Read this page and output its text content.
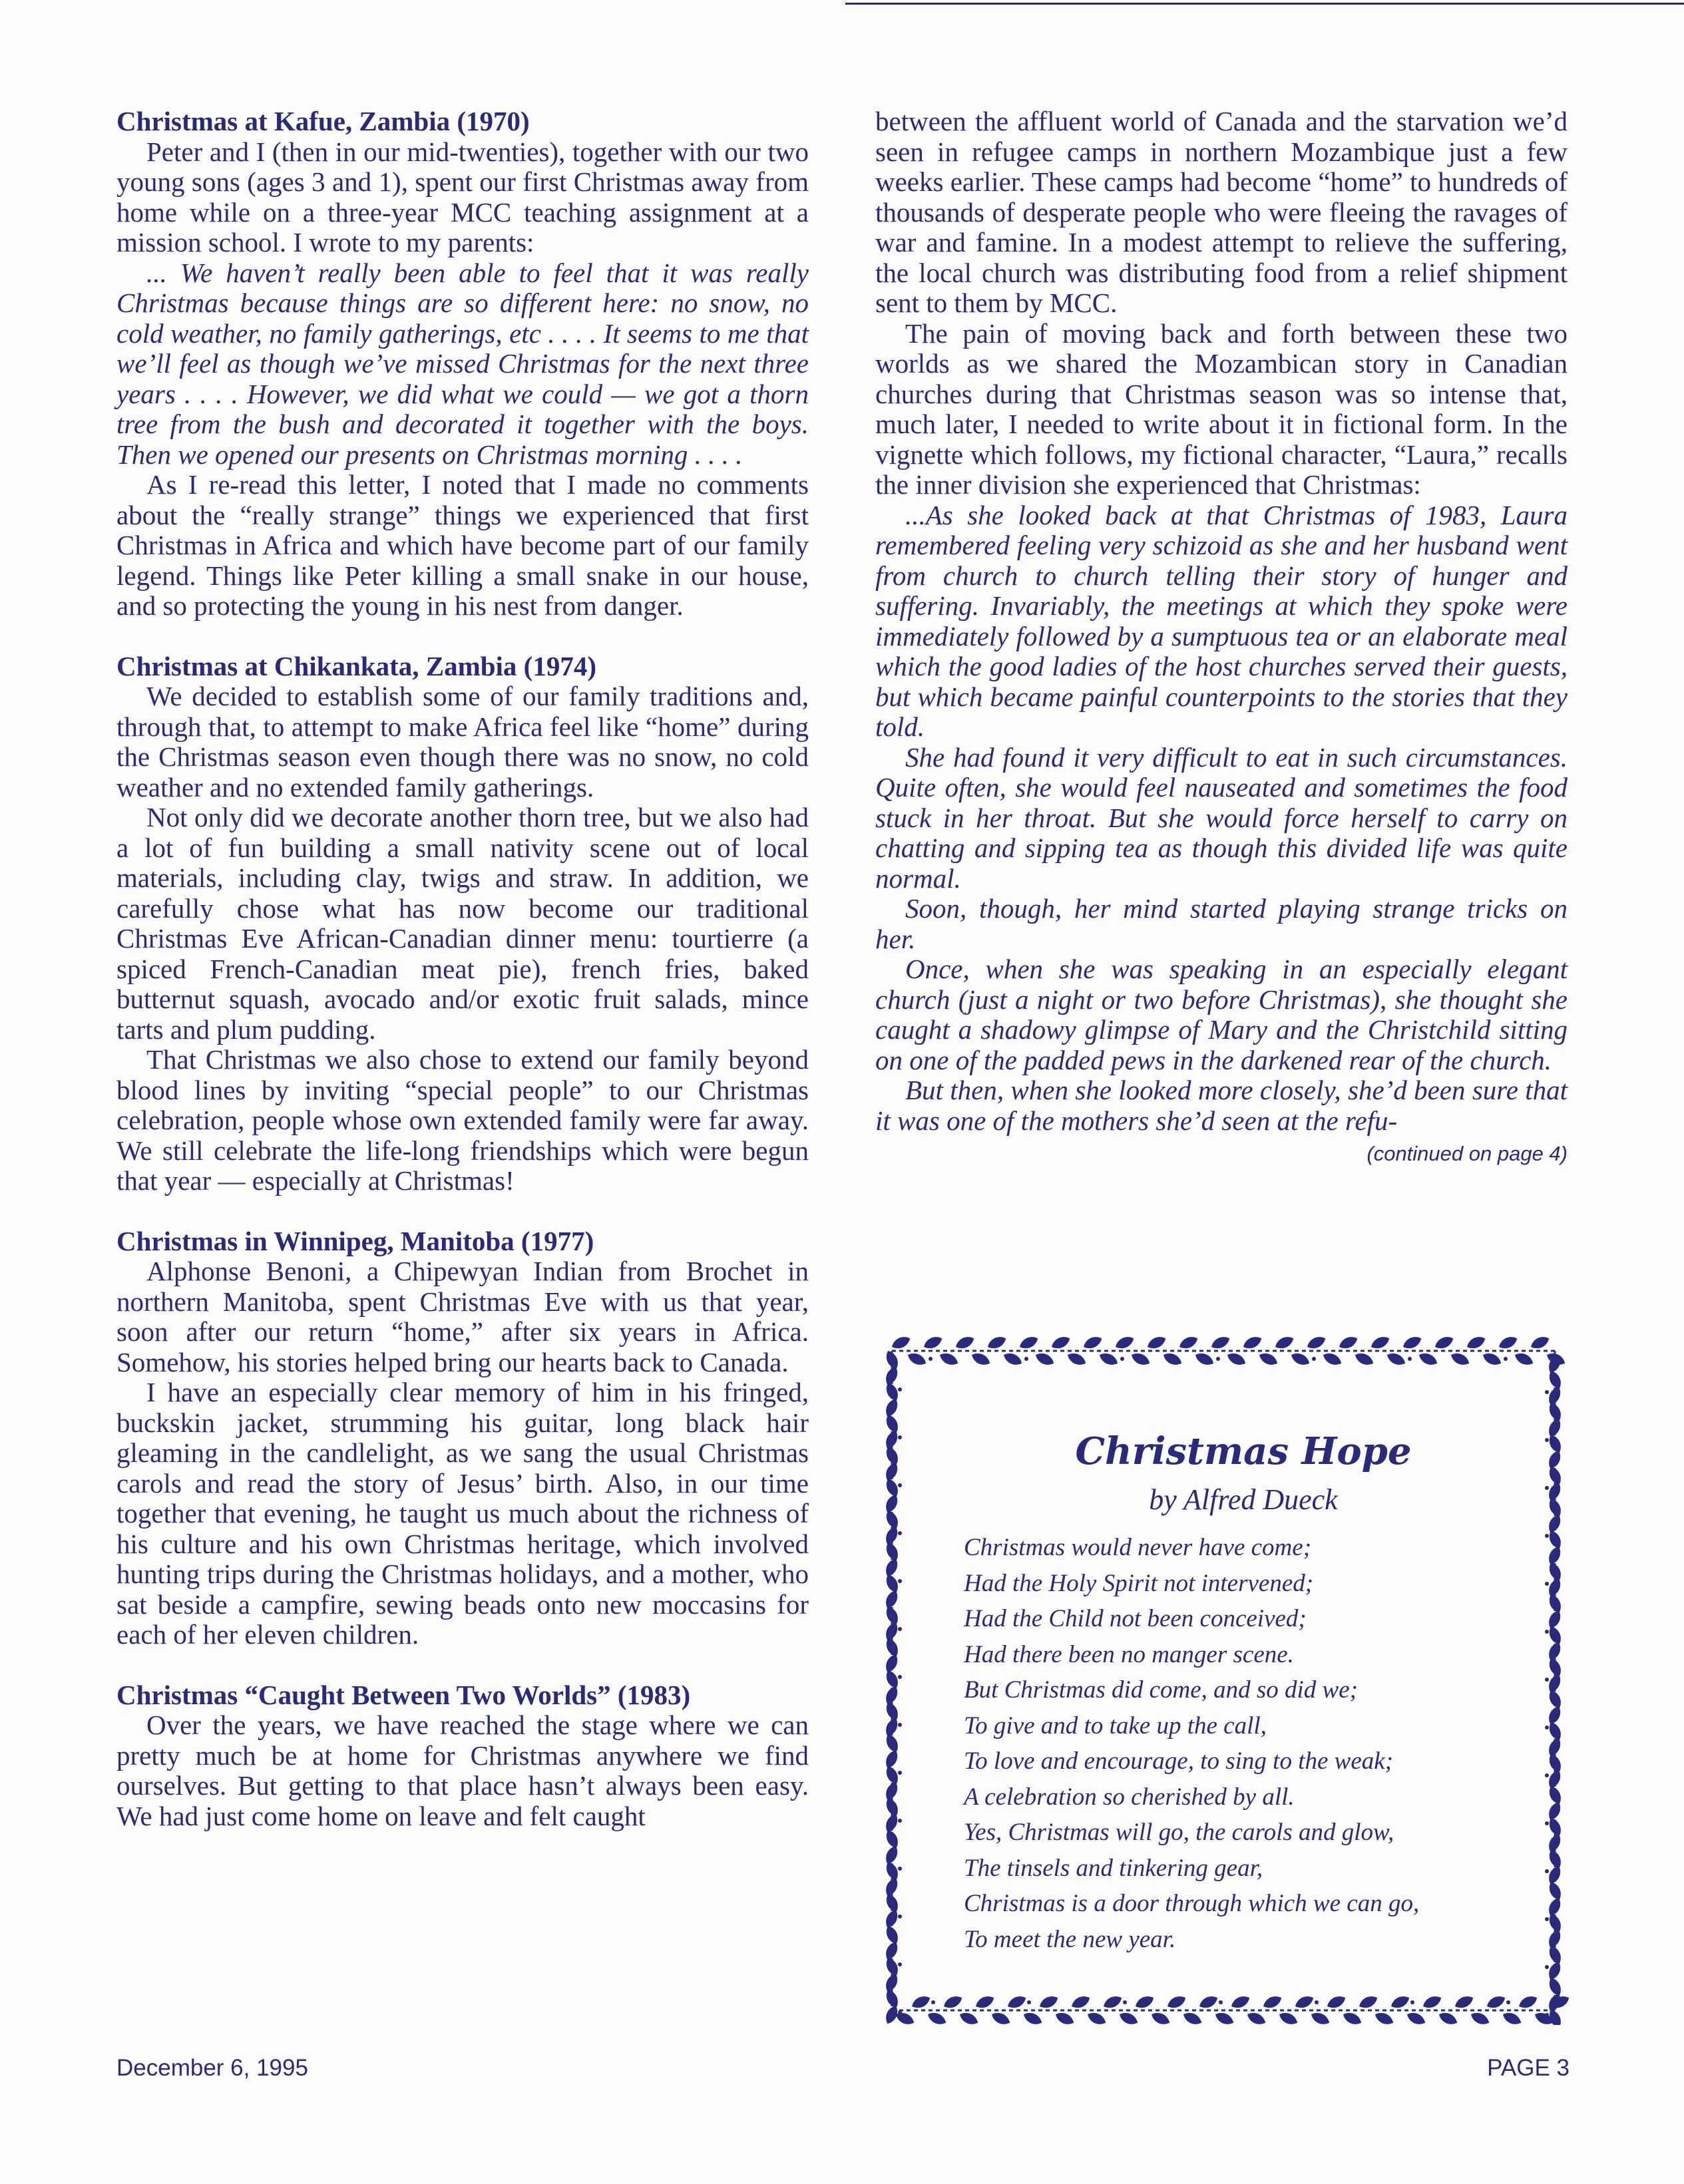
Christmas at Kafue, Zambia (1970)

Peter and I (then in our mid-twenties), together with our two young sons (ages 3 and 1), spent our first Christmas away from home while on a three-year MCC teaching assignment at a mission school. I wrote to my parents:

... We haven’t really been able to feel that it was really Christmas because things are so different here: no snow, no cold weather, no family gatherings, etc . . . . It seems to me that we’ll feel as though we’ve missed Christmas for the next three years . . . . However, we did what we could — we got a thorn tree from the bush and decorated it together with the boys. Then we opened our presents on Christmas morning . . . .

As I re-read this letter, I noted that I made no comments about the “really strange” things we experienced that first Christmas in Africa and which have become part of our family legend. Things like Peter killing a small snake in our house, and so protecting the young in his nest from danger.

Christmas at Chikankata, Zambia (1974)

We decided to establish some of our family traditions and, through that, to attempt to make Africa feel like “home” during the Christmas season even though there was no snow, no cold weather and no extended family gatherings.

Not only did we decorate another thorn tree, but we also had a lot of fun building a small nativity scene out of local materials, including clay, twigs and straw. In addition, we carefully chose what has now become our traditional Christmas Eve African-Canadian dinner menu: tourtierre (a spiced French-Canadian meat pie), french fries, baked butternut squash, avocado and/or exotic fruit salads, mince tarts and plum pudding.

That Christmas we also chose to extend our family beyond blood lines by inviting “special people” to our Christmas celebration, people whose own extended family were far away. We still celebrate the life-long friendships which were begun that year — especially at Christmas!

Christmas in Winnipeg, Manitoba (1977)

Alphonse Benoni, a Chipewyan Indian from Brochet in northern Manitoba, spent Christmas Eve with us that year, soon after our return “home,” after six years in Africa. Somehow, his stories helped bring our hearts back to Canada.

I have an especially clear memory of him in his fringed, buckskin jacket, strumming his guitar, long black hair gleaming in the candlelight, as we sang the usual Christmas carols and read the story of Jesus’ birth. Also, in our time together that evening, he taught us much about the richness of his culture and his own Christmas heritage, which involved hunting trips during the Christmas holidays, and a mother, who sat beside a campfire, sewing beads onto new moccasins for each of her eleven children.

Christmas “Caught Between Two Worlds” (1983)

Over the years, we have reached the stage where we can pretty much be at home for Christmas anywhere we find ourselves. But getting to that place hasn’t always been easy. We had just come home on leave and felt caught

between the affluent world of Canada and the starvation we’d seen in refugee camps in northern Mozambique just a few weeks earlier. These camps had become “home” to hundreds of thousands of desperate people who were fleeing the ravages of war and famine. In a modest attempt to relieve the suffering, the local church was distributing food from a relief shipment sent to them by MCC.

The pain of moving back and forth between these two worlds as we shared the Mozambican story in Canadian churches during that Christmas season was so intense that, much later, I needed to write about it in fictional form. In the vignette which follows, my fictional character, “Laura,” recalls the inner division she experienced that Christmas:

...As she looked back at that Christmas of 1983, Laura remembered feeling very schizoid as she and her husband went from church to church telling their story of hunger and suffering. Invariably, the meetings at which they spoke were immediately followed by a sumptuous tea or an elaborate meal which the good ladies of the host churches served their guests, but which became painful counterpoints to the stories that they told.

She had found it very difficult to eat in such circumstances. Quite often, she would feel nauseated and sometimes the food stuck in her throat. But she would force herself to carry on chatting and sipping tea as though this divided life was quite normal.

Soon, though, her mind started playing strange tricks on her.

Once, when she was speaking in an especially elegant church (just a night or two before Christmas), she thought she caught a shadowy glimpse of Mary and the Christchild sitting on one of the padded pews in the darkened rear of the church.

But then, when she looked more closely, she’d been sure that it was one of the mothers she’d seen at the refu-

(continued on page 4)
Christmas Hope
by Alfred Dueck
Christmas would never have come;
Had the Holy Spirit not intervened;
Had the Child not been conceived;
Had there been no manger scene.
But Christmas did come, and so did we;
To give and to take up the call,
To love and encourage, to sing to the weak;
A celebration so cherished by all.
Yes, Christmas will go, the carols and glow,
The tinsels and tinkering gear,
Christmas is a door through which we can go,
To meet the new year.
December 6, 1995	PAGE 3
